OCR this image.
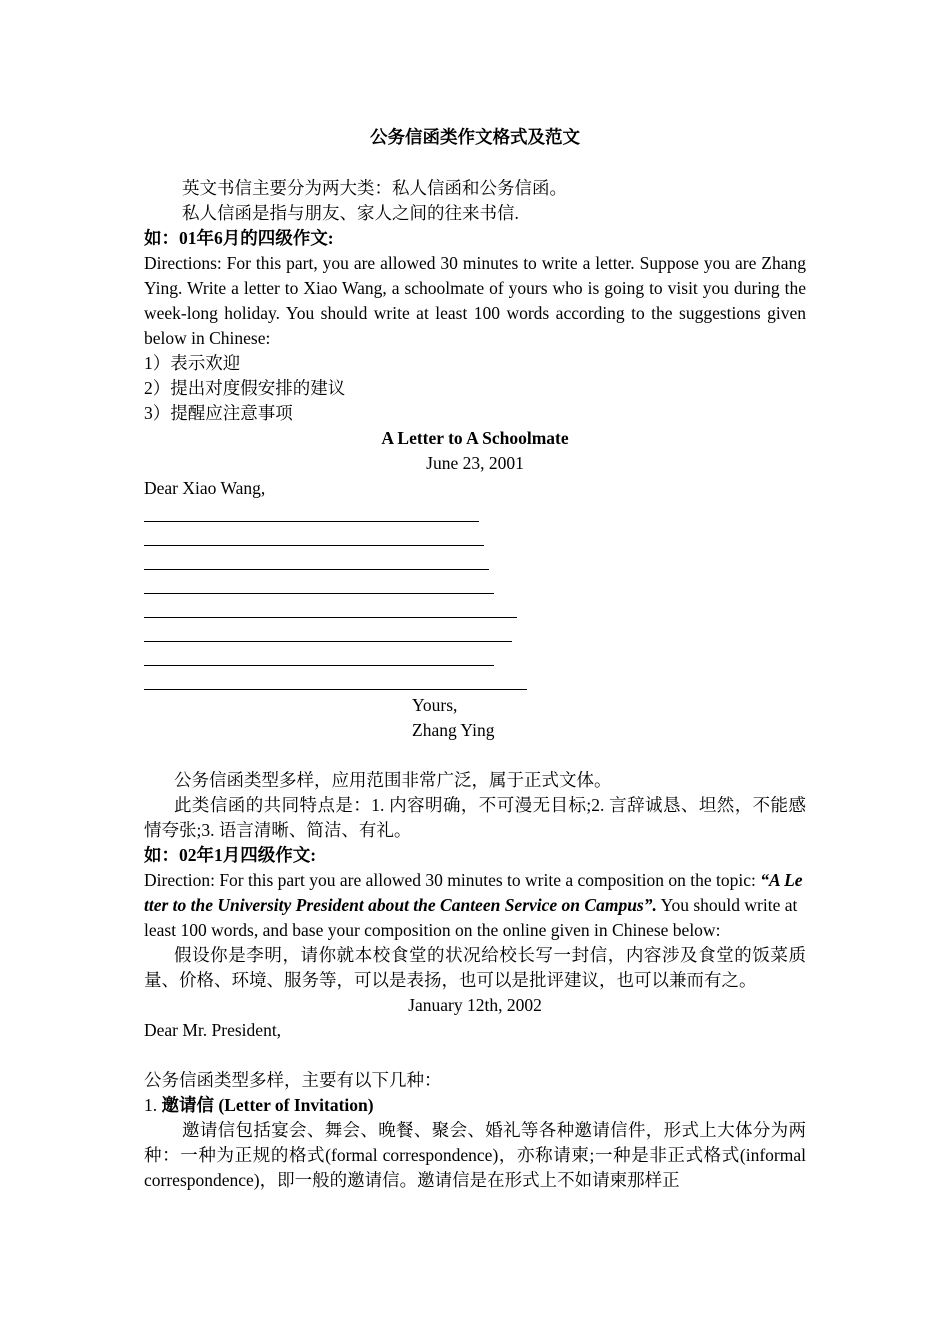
公务信函类作文格式及范文

英文书信主要分为两大类：私人信函和公务信函。

私人信函是指与朋友、家人之间的往来书信.

如：01年6月的四级作文:

Directions: For this part, you are allowed 30 minutes to write a letter. Suppose you are Zhang Ying. Write a letter to Xiao Wang, a schoolmate of yours who is going to visit you during the week-long holiday. You should write at least 100 words according to the suggestions given below in Chinese:

1）表示欢迎

2）提出对度假安排的建议

3）提醒应注意事项

A Letter to A Schoolmate

June 23, 2001

Dear Xiao Wang,

Yours,

Zhang Ying

公务信函类型多样，应用范围非常广泛，属于正式文体。

此类信函的共同特点是：1. 内容明确，不可漫无目标;2. 言辞诚恳、坦然，不能感情夸张;3. 语言清晰、简洁、有礼。

如：02年1月四级作文:

Direction: For this part you are allowed 30 minutes to write a composition on the topic: “A Letter to the University President about the Canteen Service on Campus”. You should write at least 100 words, and base your composition on the online given in Chinese below:

假设你是李明，请你就本校食堂的状况给校长写一封信，内容涉及食堂的饭菜质量、价格、环境、服务等，可以是表扬，也可以是批评建议，也可以兼而有之。

January 12th, 2002

Dear Mr. President,

公务信函类型多样，主要有以下几种：

1. 邀请信 (Letter of Invitation)

邀请信包括宴会、舞会、晚餐、聚会、婚礼等各种邀请信件，形式上大体分为两种：一种为正规的格式(formal correspondence)，亦称请柬;一种是非正式格式(informal correspondence)，即一般的邀请信。邀请信是在形式上不如请柬那样正
